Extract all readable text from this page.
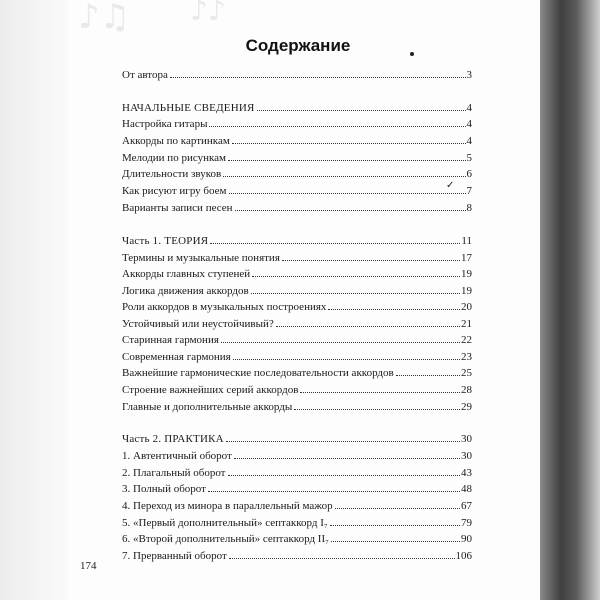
♪♫ ♪♪
Содержание
✓
От автора	3
НАЧАЛЬНЫЕ СВЕДЕНИЯ	4
Настройка гитары	4
Аккорды по картинкам	4
Мелодии по рисункам	5
Длительности звуков	6
Как рисуют игру боем	7
Варианты записи песен	8
Часть 1. ТЕОРИЯ	11
Термины и музыкальные понятия	17
Аккорды главных ступеней	19
Логика движения аккордов	19
Роли аккордов в музыкальных построениях	20
Устойчивый или неустойчивый?	21
Старинная гармония	22
Современная гармония	23
Важнейшие гармонические последовательности аккордов	25
Строение важнейших серий аккордов	28
Главные и дополнительные аккорды	29
Часть 2. ПРАКТИКА	30
1. Автентичный оборот	30
2. Плагальный оборот	43
3. Полный оборот	48
4. Переход из минора в параллельный мажор	67
5. «Первый дополнительный» септаккорд I₇	79
6. «Второй дополнительный» септаккорд II₇	90
7. Прерванный оборот	106
174
